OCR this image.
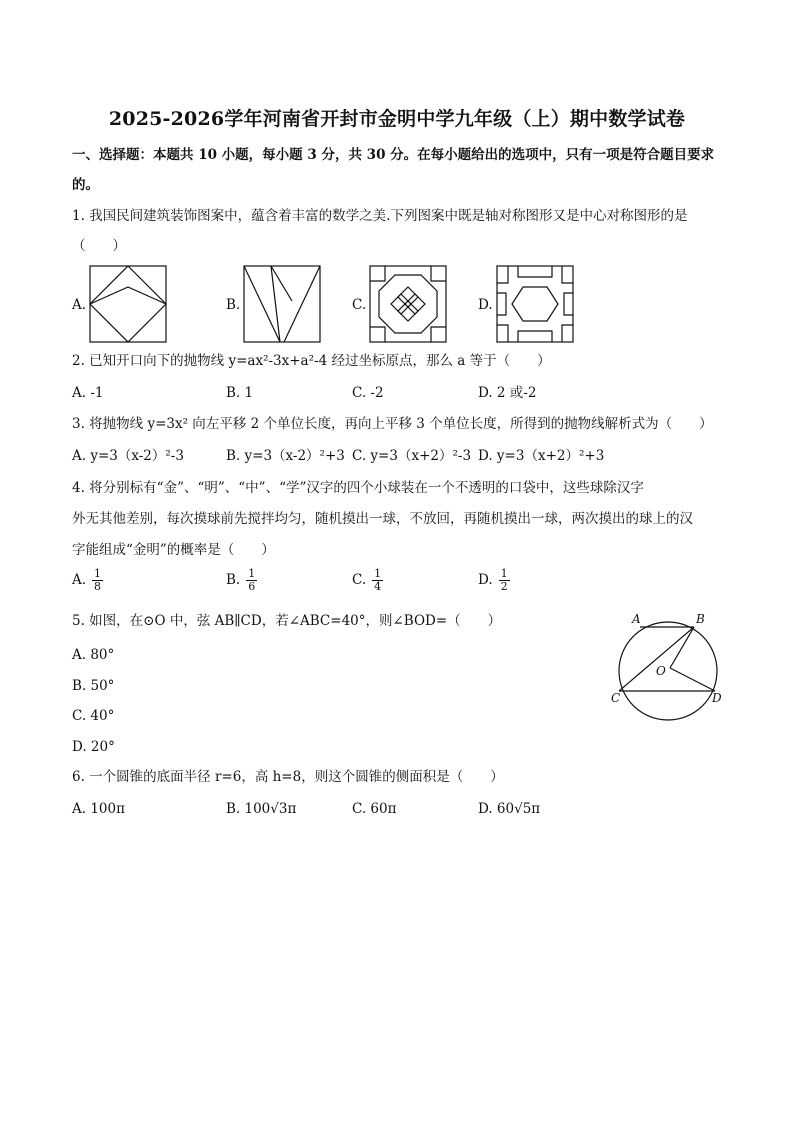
2025-2026学年河南省开封市金明中学九年级（上）期中数学试卷
一、选择题：本题共 10 小题，每小题 3 分，共 30 分。在每小题给出的选项中，只有一项是符合题目要求
的。
1. 我国民间建筑装饰图案中，蕴含着丰富的数学之美.下列图案中既是轴对称图形又是中心对称图形的是
（　　）
A.	B.	C.	D.
2. 已知开口向下的抛物线 y=ax²-3x+a²-4 经过坐标原点，那么 a 等于（　　）
A. -1	B. 1	C. -2	D. 2 或-2
3. 将抛物线 y=3x² 向左平移 2 个单位长度，再向上平移 3 个单位长度，所得到的抛物线解析式为（　　）
A. y=3（x-2）²-3	B. y=3（x-2）²+3 C. y=3（x+2）²-3 D. y=3（x+2）²+3
4. 将分别标有“金”、“明”、“中”、“学”汉字的四个小球装在一个不透明的口袋中，这些球除汉字
外无其他差别，每次摸球前先搅拌均匀，随机摸出一球，不放回，再随机摸出一球，两次摸出的球上的汉
字能组成“金明”的概率是（　　）
A. $\frac{1}{8}$	B. $\frac{1}{6}$	C. $\frac{1}{4}$	D. $\frac{1}{2}$
5. 如图，在⊙O 中，弦 AB∥CD，若∠ABC=40°，则∠BOD=（　　）
A. 80°
B. 50°
C. 40°
D. 20°
A	B
C	D
O
6. 一个圆锥的底面半径 r=6，高 h=8，则这个圆锥的侧面积是（　　）
A. 100π	B. 100√3π	C. 60π	D. 60√5π
